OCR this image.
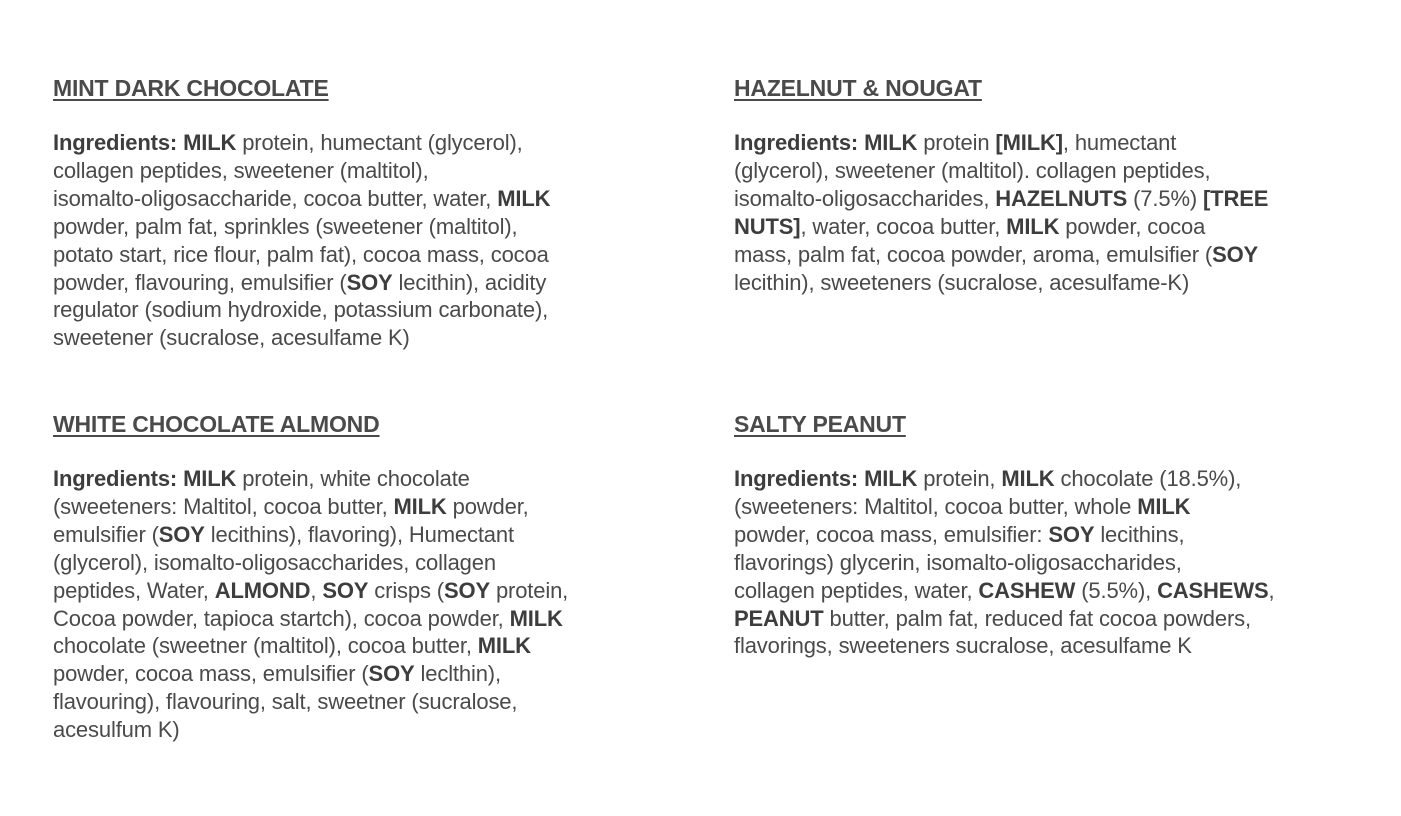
MINT DARK CHOCOLATE

Ingredients: MILK protein, humectant (glycerol),
collagen peptides, sweetener (maltitol),
isomalto-oligosaccharide, cocoa butter, water, MILK
powder, palm fat, sprinkles (sweetener (maltitol),
potato start, rice flour, palm fat), cocoa mass, cocoa
powder, flavouring, emulsifier (SOY lecithin), acidity
regulator (sodium hydroxide, potassium carbonate),
sweetener (sucralose, acesulfame K)

HAZELNUT & NOUGAT

Ingredients: MILK protein [MILK], humectant
(glycerol), sweetener (maltitol). collagen peptides,
isomalto-oligosaccharides, HAZELNUTS (7.5%) [TREE
NUTS], water, cocoa butter, MILK powder, cocoa
mass, palm fat, cocoa powder, aroma, emulsifier (SOY
lecithin), sweeteners (sucralose, acesulfame-K)

WHITE CHOCOLATE ALMOND

Ingredients: MILK protein, white chocolate
(sweeteners: Maltitol, cocoa butter, MILK powder,
emulsifier (SOY lecithins), flavoring), Humectant
(glycerol), isomalto-oligosaccharides, collagen
peptides, Water, ALMOND, SOY crisps (SOY protein,
Cocoa powder, tapioca startch), cocoa powder, MILK
chocolate (sweetner (maltitol), cocoa butter, MILK
powder, cocoa mass, emulsifier (SOY leclthin),
flavouring), flavouring, salt, sweetner (sucralose,
acesulfum K)

SALTY PEANUT

Ingredients: MILK protein, MILK chocolate (18.5%),
(sweeteners: Maltitol, cocoa butter, whole MILK
powder, cocoa mass, emulsifier: SOY lecithins,
flavorings) glycerin, isomalto-oligosaccharides,
collagen peptides, water, CASHEW (5.5%), CASHEWS,
PEANUT butter, palm fat, reduced fat cocoa powders,
flavorings, sweeteners sucralose, acesulfame K
